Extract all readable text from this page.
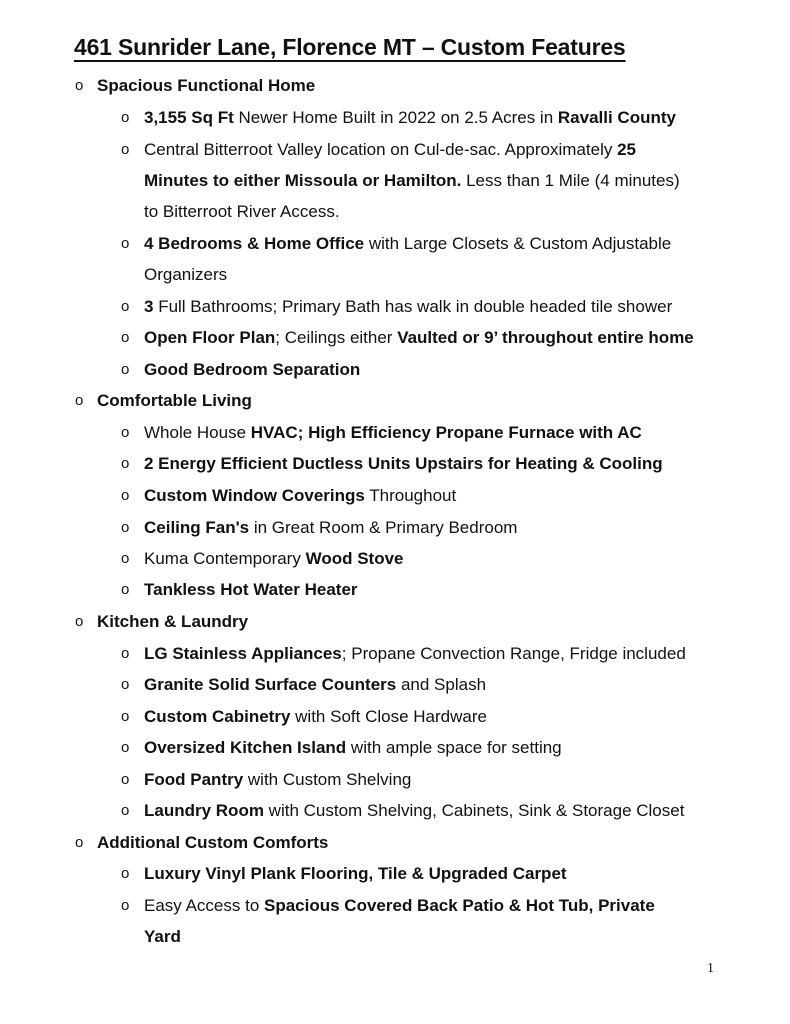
461 Sunrider Lane, Florence MT – Custom Features
o Spacious Functional Home
o 3,155 Sq Ft Newer Home Built in 2022 on 2.5 Acres in Ravalli County
o Central Bitterroot Valley location on Cul-de-sac. Approximately 25
Minutes to either Missoula or Hamilton. Less than 1 Mile (4 minutes)
to Bitterroot River Access.
o 4 Bedrooms & Home Office with Large Closets & Custom Adjustable
Organizers
o 3 Full Bathrooms; Primary Bath has walk in double headed tile shower
o Open Floor Plan; Ceilings either Vaulted or 9’ throughout entire home
o Good Bedroom Separation
o Comfortable Living
o Whole House HVAC; High Efficiency Propane Furnace with AC
o 2 Energy Efficient Ductless Units Upstairs for Heating & Cooling
o Custom Window Coverings Throughout
o Ceiling Fan's in Great Room & Primary Bedroom
o Kuma Contemporary Wood Stove
o Tankless Hot Water Heater
o Kitchen & Laundry
o LG Stainless Appliances; Propane Convection Range, Fridge included
o Granite Solid Surface Counters and Splash
o Custom Cabinetry with Soft Close Hardware
o Oversized Kitchen Island with ample space for setting
o Food Pantry with Custom Shelving
o Laundry Room with Custom Shelving, Cabinets, Sink & Storage Closet
o Additional Custom Comforts
o Luxury Vinyl Plank Flooring, Tile & Upgraded Carpet
o Easy Access to Spacious Covered Back Patio & Hot Tub, Private
Yard
1
